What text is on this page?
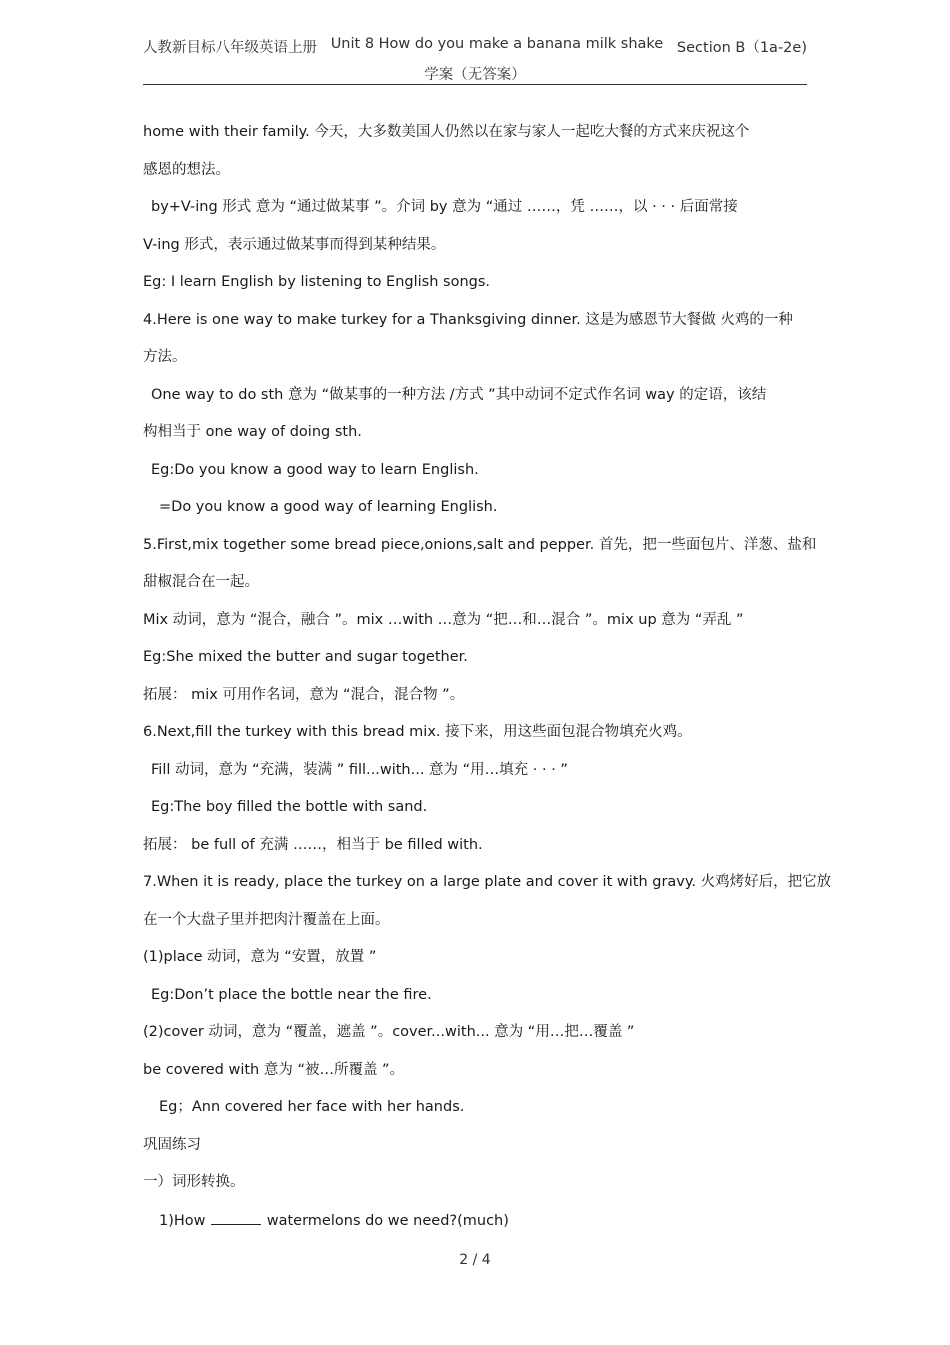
人教新目标八年级英语上册 Unit 8 How do you make a banana milk shake Section B（1a-2e)
学案（无答案）
home with their family. 今天，大多数美国人仍然以在家与家人一起吃大餐的方式来庆祝这个
感恩的想法。
by+V-ing 形式 意为 “通过做某事 ”。介词 by 意为 “通过 ……，凭 ……，以 · · · 后面常接
V-ing 形式，表示通过做某事而得到某种结果。
Eg: I learn English by listening to English songs.
4.Here is one way to make turkey for a Thanksgiving dinner. 这是为感恩节大餐做 火鸡的一种
方法。
One way to do sth 意为 “做某事的一种方法 /方式 ”其中动词不定式作名词 way 的定语，该结
构相当于 one way of doing sth.
Eg:Do you know a good way to learn English.
=Do you know a good way of learning English.
5.First,mix together some bread piece,onions,salt and pepper. 首先，把一些面包片、洋葱、盐和
甜椒混合在一起。
Mix 动词，意为 “混合，融合 ”。mix …with …意为 “把…和…混合 ”。mix up 意为 “弄乱 ”
Eg:She mixed the butter and sugar together.
拓展： mix 可用作名词，意为 “混合，混合物 ”。
6.Next,fill the turkey with this bread mix. 接下来，用这些面包混合物填充火鸡。
Fill 动词，意为 “充满，装满 ” fill...with... 意为 “用…填充 · · · ”
Eg:The boy filled the bottle with sand.
拓展： be full of 充满 ……，相当于 be filled with.
7.When it is ready, place the turkey on a large plate and cover it with gravy. 火鸡烤好后，把它放
在一个大盘子里并把肉汁覆盖在上面。
(1)place 动词，意为 “安置，放置 ”
Eg:Don’t place the bottle near the fire.
(2)cover 动词，意为 “覆盖，遮盖 ”。cover...with... 意为 “用…把…覆盖 ”
be covered with 意为 “被…所覆盖 ”。
Eg；Ann covered her face with her hands.
巩固练习
一）词形转换。
1)How	watermelons do we need?(much)
2 / 4
